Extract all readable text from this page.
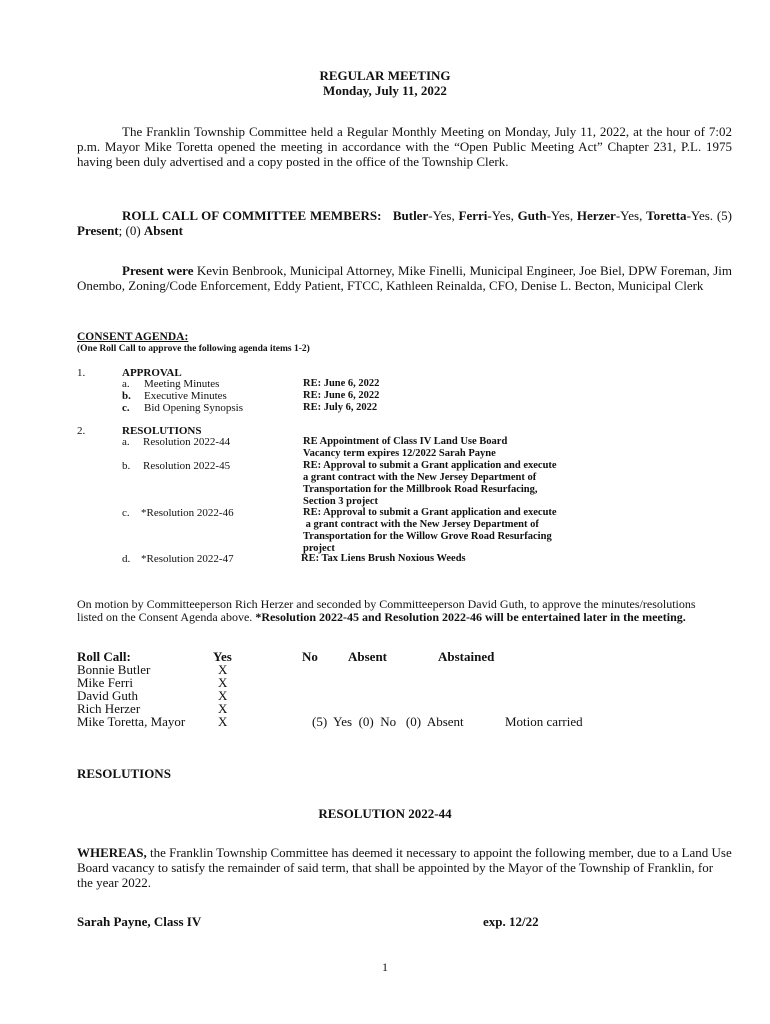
REGULAR MEETING
Monday, July 11, 2022
The Franklin Township Committee held a Regular Monthly Meeting on Monday, July 11, 2022, at the hour of 7:02 p.m. Mayor Mike Toretta opened the meeting in accordance with the “Open Public Meeting Act” Chapter 231, P.L. 1975 having been duly advertised and a copy posted in the office of the Township Clerk.
ROLL CALL OF COMMITTEE MEMBERS: Butler-Yes, Ferri-Yes, Guth-Yes, Herzer-Yes, Toretta-Yes. (5) Present; (0) Absent
Present were Kevin Benbrook, Municipal Attorney, Mike Finelli, Municipal Engineer, Joe Biel, DPW Foreman, Jim Onembo, Zoning/Code Enforcement, Eddy Patient, FTCC, Kathleen Reinalda, CFO, Denise L. Becton, Municipal Clerk
CONSENT AGENDA:
(One Roll Call to approve the following agenda items 1-2)
1.	APPROVAL
a. Meeting Minutes	RE: June 6, 2022
b. Executive Minutes	RE: June 6, 2022
c. Bid Opening Synopsis	RE: July 6, 2022
2.	RESOLUTIONS
a. Resolution 2022-44	RE Appointment of Class IV Land Use Board
Vacancy term expires 12/2022 Sarah Payne
b. Resolution 2022-45	RE: Approval to submit a Grant application and execute
a grant contract with the New Jersey Department of
Transportation for the Millbrook Road Resurfacing,
Section 3 project
c. *Resolution 2022-46	RE: Approval to submit a Grant application and execute
a grant contract with the New Jersey Department of
Transportation for the Willow Grove Road Resurfacing
project
d. *Resolution 2022-47	RE: Tax Liens Brush Noxious Weeds
On motion by Committeeperson Rich Herzer and seconded by Committeeperson David Guth, to approve the minutes/resolutions listed on the Consent Agenda above. *Resolution 2022-45 and Resolution 2022-46 will be entertained later in the meeting.
Roll Call:	Yes	No Absent	Abstained
Bonnie Butler	X
Mike Ferri	X
David Guth	X
Rich Herzer	X
Mike Toretta, Mayor	X	(5)  Yes  (0)  No   (0)  Absent	Motion carried
RESOLUTIONS
RESOLUTION 2022-44
WHEREAS, the Franklin Township Committee has deemed it necessary to appoint the following member, due to a Land Use Board vacancy to satisfy the remainder of said term, that shall be appointed by the Mayor of the Township of Franklin, for the year 2022.
Sarah Payne, Class IV	exp. 12/22
1
